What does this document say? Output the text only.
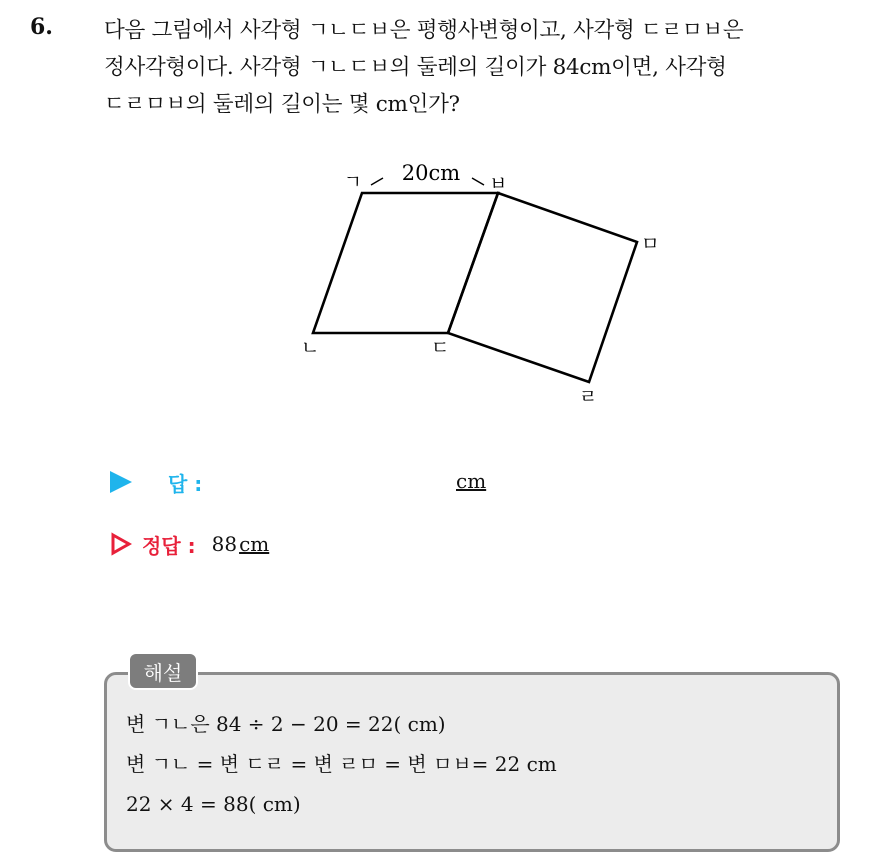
6. 다음 그림에서 사각형 ㄱㄴㄷㅂ은 평행사변형이고, 사각형 ㄷㄹㅁㅂ은
정사각형이다. 사각형 ㄱㄴㄷㅂ의 둘레의 길이가 84cm이면, 사각형
ㄷㄹㅁㅂ의 둘레의 길이는 몇 cm인가?
20cm
ㄱ	ㅂ
ㅁ
ㄴ	ㄷ
ㄹ
답 :	cm
정답 : 88 cm
해설
변 ㄱㄴ은 84 ÷ 2 − 20 = 22( cm)
변 ㄱㄴ = 변 ㄷㄹ = 변 ㄹㅁ = 변 ㅁㅂ= 22 cm
22 × 4 = 88( cm)
